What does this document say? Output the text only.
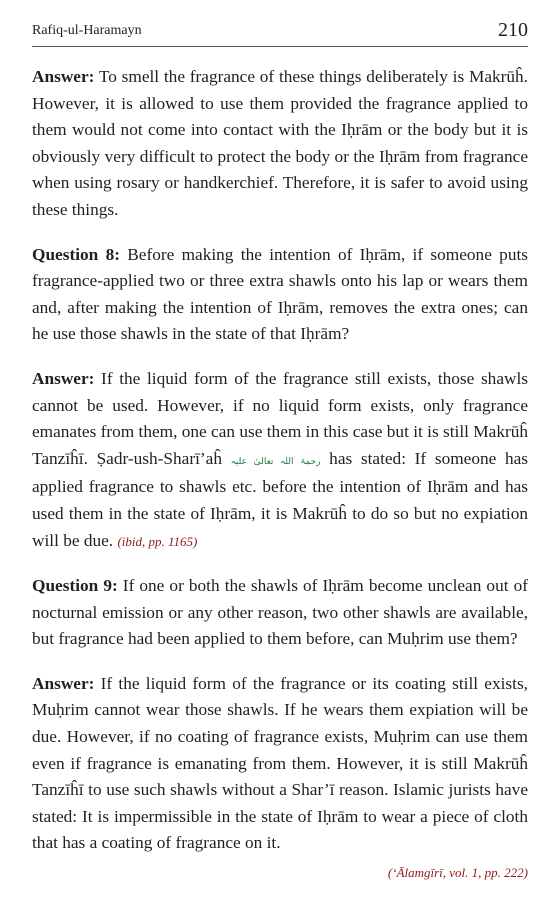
Rafiq-ul-Haramayn	210

Answer: To smell the fragrance of these things deliberately is Makrūĥ. However, it is allowed to use them provided the fragrance applied to them would not come into contact with the Iḥrām or the body but it is obviously very difficult to protect the body or the Iḥrām from fragrance when using rosary or handkerchief. Therefore, it is safer to avoid using these things.

Question 8: Before making the intention of Iḥrām, if someone puts fragrance-applied two or three extra shawls onto his lap or wears them and, after making the intention of Iḥrām, removes the extra ones; can he use those shawls in the state of that Iḥrām?

Answer: If the liquid form of the fragrance still exists, those shawls cannot be used. However, if no liquid form exists, only fragrance emanates from them, one can use them in this case but it is still Makrūĥ Tanzīĥī. Ṣadr-ush-Sharī’aĥ رحمۃ اللہ تعالیٰ علیہ has stated: If someone has applied fragrance to shawls etc. before the intention of Iḥrām and has used them in the state of Iḥrām, it is Makrūĥ to do so but no expiation will be due. (ibid, pp. 1165)

Question 9: If one or both the shawls of Iḥrām become unclean out of nocturnal emission or any other reason, two other shawls are available, but fragrance had been applied to them before, can Muḥrim use them?

Answer: If the liquid form of the fragrance or its coating still exists, Muḥrim cannot wear those shawls. If he wears them expiation will be due. However, if no coating of fragrance exists, Muḥrim can use them even if fragrance is emanating from them. However, it is still Makrūĥ Tanzīĥī to use such shawls without a Shar’ī reason. Islamic jurists have stated: It is impermissible in the state of Iḥrām to wear a piece of cloth that has a coating of fragrance on it.

(‘Ālamgīrī, vol. 1, pp. 222)
